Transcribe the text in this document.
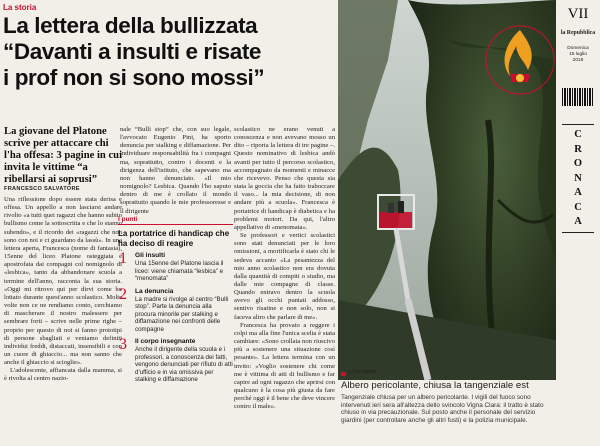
La storia
La lettera della bullizzata
“Davanti a insulti e risate
i prof non si sono mossi”
La giovane del Platone scrive per attaccare chi l'ha offesa: 3 pagine in cui invita le vittime “a ribellarsi ai soprusi”
FRANCESCO SALVATORE

Una riflessione dopo essere stata derisa e offesa. Un appello a non lasciarsi andare rivolto «a tutti quei ragazzi che hanno subito bullismo come la sottoscritta e che lo stanno subendo», e il ricordo dei «ragazzi che non sono con noi e ci guardano da lassù». In una lettera aperta, Francesca (nome di fantasia), 15enne del liceo Platone osteggiata e apostrofata dai compagni col nomignolo di «lesbica», tanto da abbandonare scuola a termine dell'anno, racconta la sua storia. «Oggi mi ritrovo qui per dirvi come ho lottato durante quest'anno scolastico. Molte volte non ce ne rendiamo conto, cerchiamo di mascherare il nostro malessere per sembrare forti – scrive nelle prime righe – proprio per questo di noi si fanno prototipi di persone sbagliati e veniamo definiti individui freddi, distaccati, insensibili e con un cuore di ghiaccio... ma non sanno che anche il ghiaccio si scioglie».

L'adolescente, affiancata dalla mamma, si è rivolta al centro nazio-

nale “Bulli stop” che, con suo legale, l'avvocato Eugenio Pini, ha sporto denuncia per stalking e diffamazione. Per individuare responsabilità fra i compagni ma, soprattutto, contro i docenti e la dirigenza dell'istituto, che sapevano ma non hanno denunciato. «Il mio nomignolo? Lesbica. Quando l'ho saputo dentro di me è crollato il mondo soprattutto quando le mie professoresse e il dirigente

I punti
La portatrice di handicap che ha deciso di reagire
1 Gli insulti
Una 15enne del Platone lascia il liceo: viene chiamata “lesbica” e “menomata”
2 La denuncia
La madre si rivolge al centro “Bulli stop”. Parte la denuncia alla procura minorile per stalking e diffamazione nei confronti delle compagne
3 Il corpo insegnante
Anche il dirigente della scuola e i professori, a conoscenza dei fatti, vengono denunciati per rifiuto di atti d'ufficio e in via omissiva per stalking e diffamazione

scolastico ne erano venuti a conoscenza e non avevano mosso un dito – riporta la lettera di tre pagine –. Questo nominativo di lesbica andò avanti per tutto il percorso scolastico, accompagnato da momenti e minacce che ricevevo. Penso che questa sia stata la goccia che ha fatto traboccare il vaso... la mia decisione, di non andare più a scuola». Francesca è portatrice di handicap è diabetica e ha problemi motori. Da qui, l'altro appellativo di «menomata».

Se professori e vertici scolastici sono stati denunciati per le loro omissioni, a mortificarla è stato chi le sedeva accanto «La pesantezza del mio anno scolastico non era dovuta dalla quantità di compiti o studio, ma dalle mie compagne di classe. Quando entravo dentro la scuola avevo gli occhi puntati addosso, sentivo risatine e non solo, non si faceva altro che parlare di me».

Francesca ha provato a reggere i colpi ma alla fine l'unica scelta è stata cambiare: «Sono crollata non riuscivo più a sostenere una situazione così pesante». La lettera termina con un invito: «Voglio sostenere chi come me è vittima di atti di bullismo e far capire ad ogni ragazzo che aprirsi con qualcuno è la cosa più giusta da fare perché oggi è il bene che deve vincere contro il male».

L'immagine
Albero pericolante, chiusa la tangenziale est
Tangenziale chiusa per un albero pericolante. I vigili del fuoco sono intervenuti ieri sera all'altezza dello svincolo Vigna Clara: il tratto è stato chiuso in via precauzionale. Sul posto anche il personale del servizio giardini (per controllare anche gli altri fusti) e la polizia municipale.
VII
la Repubblica
Domenica
15 luglio
2018
C
R
O
N
A
C
A
